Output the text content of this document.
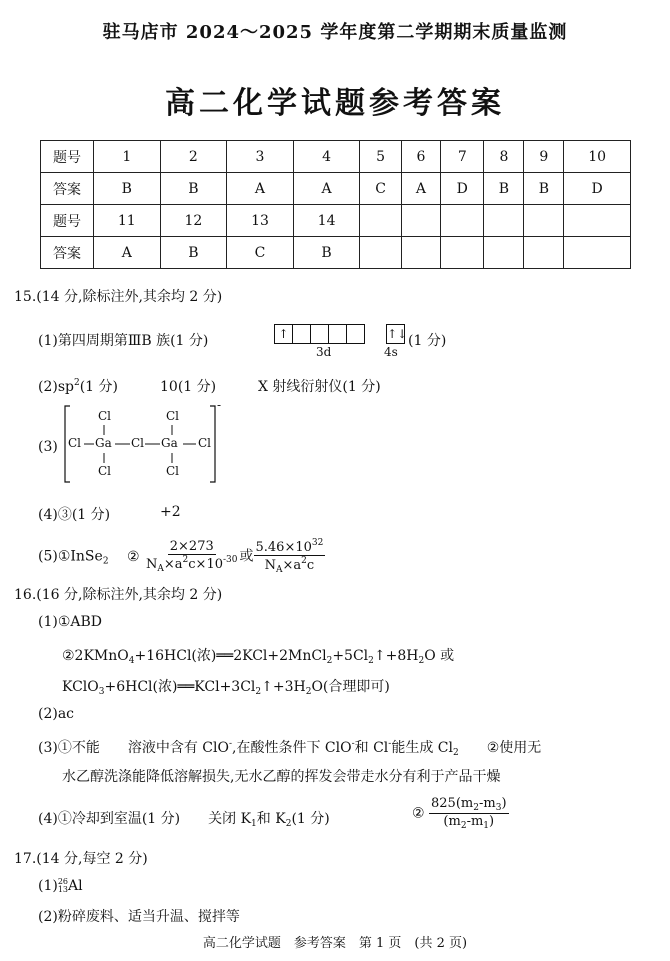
驻马店市 2024～2025 学年度第二学期期末质量监测
高二化学试题参考答案
题号	1	2	3	4	5	6	7	8	9	10
答案	B	B	A	A	C	A	D	B	B	D
题号	11	12	13	14						
答案	A	B	C	B						
15.(14 分,除标注外,其余均 2 分)
(1)第四周期第ⅢB 族(1 分)	↑	↑↓
3d	4s
(1 分)
$(2)sp^2(1$ 分)	10(1 分)	X 射线衍射仪(1 分)
(3) Cl Ga Cl Ga Cl
Cl
Cl
Cl
Cl
-
(4)③(1 分)	+2
(5)①InSe$_2$ ② $\frac{2\times 273}{N_A\times a^2c\times 10^{-30}}$ 或 $\frac{5.46\times 10^{32}}{N_A\times a^2c}$
16.(16 分,除标注外,其余均 2 分)
(1)①ABD
②2KMnO$_4$+16HCl(浓)$══2KCl+2MnCl_2+5Cl_2↑+8H_2O$ 或
KClO$_3$+6HCl(浓)$══KCl+3Cl_2↑+3H_2O$(合理即可)
(2)ac
(3)①不能 溶液中含有 ClO-,在酸性条件下 ClO-和 Cl-能生成 $Cl_2$ ②使用无
水乙醇洗涤能降低溶解损失,无水乙醇的挥发会带走水分有利于产品干燥
(4)①冷却到室温(1 分) 关闭 $K_1$和 $K_2(1$ 分)	② $\frac{825(m_2-m_3)}{(m_2-m_1)}$
17.(14 分,每空 2 分)
(1) 26
13 Al
(2)粉碎废料、适当升温、搅拌等
高二化学试题　参考答案　第 1 页　(共 2 页)
